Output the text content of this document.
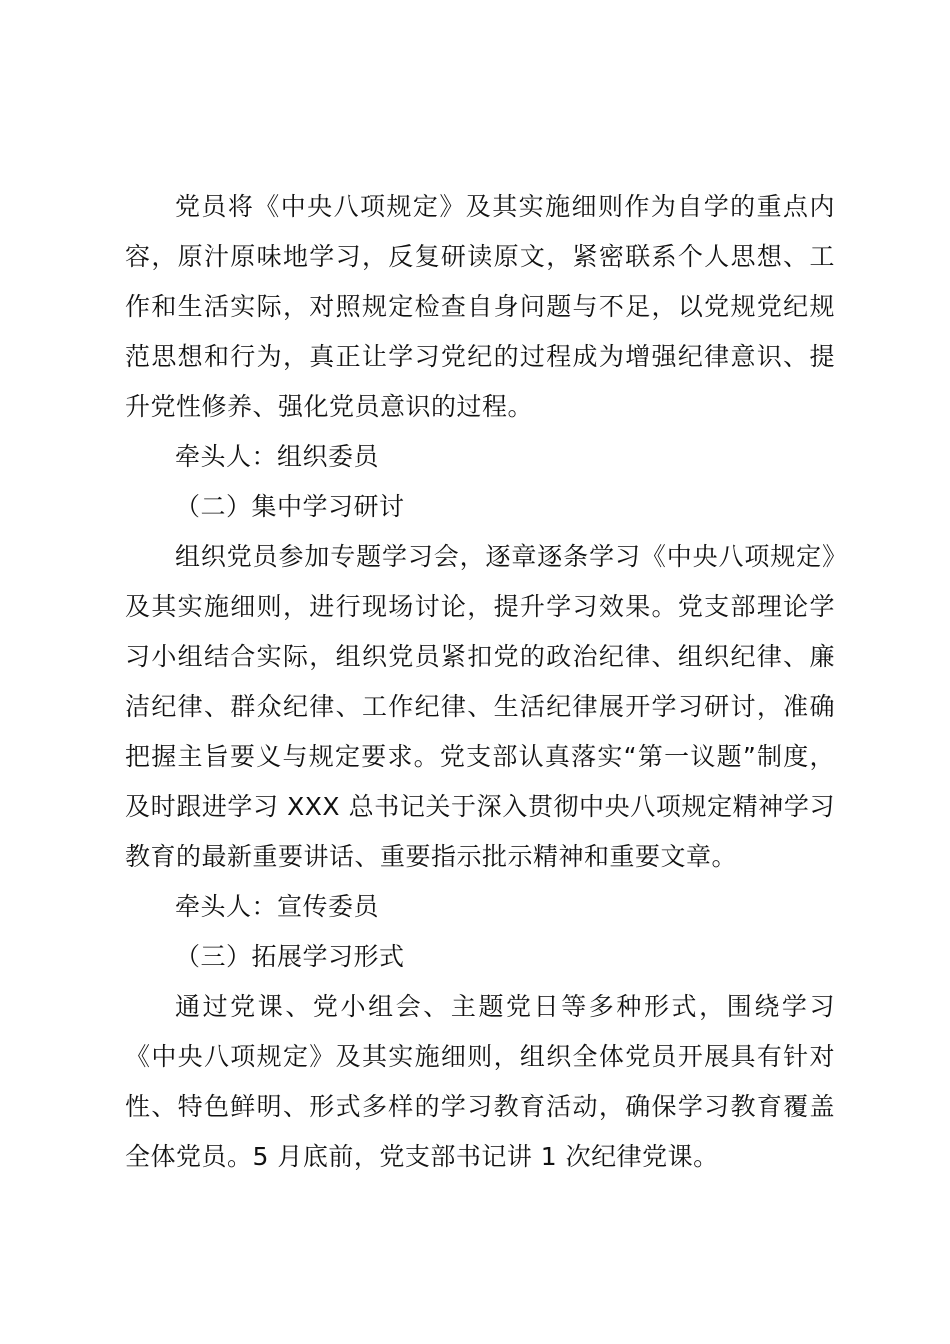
党员将《中央八项规定》及其实施细则作为自学的重点内容，原汁原味地学习，反复研读原文，紧密联系个人思想、工作和生活实际，对照规定检查自身问题与不足，以党规党纪规范思想和行为，真正让学习党纪的过程成为增强纪律意识、提升党性修养、强化党员意识的过程。

牵头人：组织委员

（二）集中学习研讨

组织党员参加专题学习会，逐章逐条学习《中央八项规定》及其实施细则，进行现场讨论，提升学习效果。党支部理论学习小组结合实际，组织党员紧扣党的政治纪律、组织纪律、廉洁纪律、群众纪律、工作纪律、生活纪律展开学习研讨，准确把握主旨要义与规定要求。党支部认真落实“第一议题”制度，及时跟进学习 XXX 总书记关于深入贯彻中央八项规定精神学习教育的最新重要讲话、重要指示批示精神和重要文章。

牵头人：宣传委员

（三）拓展学习形式

通过党课、党小组会、主题党日等多种形式，围绕学习《中央八项规定》及其实施细则，组织全体党员开展具有针对性、特色鲜明、形式多样的学习教育活动，确保学习教育覆盖全体党员。5 月底前，党支部书记讲 1 次纪律党课。
